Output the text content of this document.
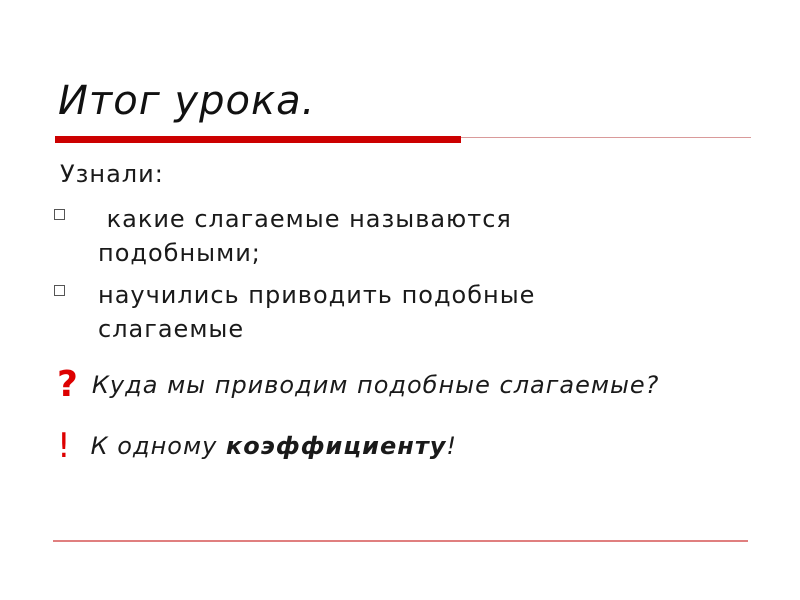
Итог урока.
Узнали:
какие слагаемые называются
подобными;
научились приводить подобные
слагаемые
? Куда мы приводим подобные слагаемые?
! К одному коэффициенту!
